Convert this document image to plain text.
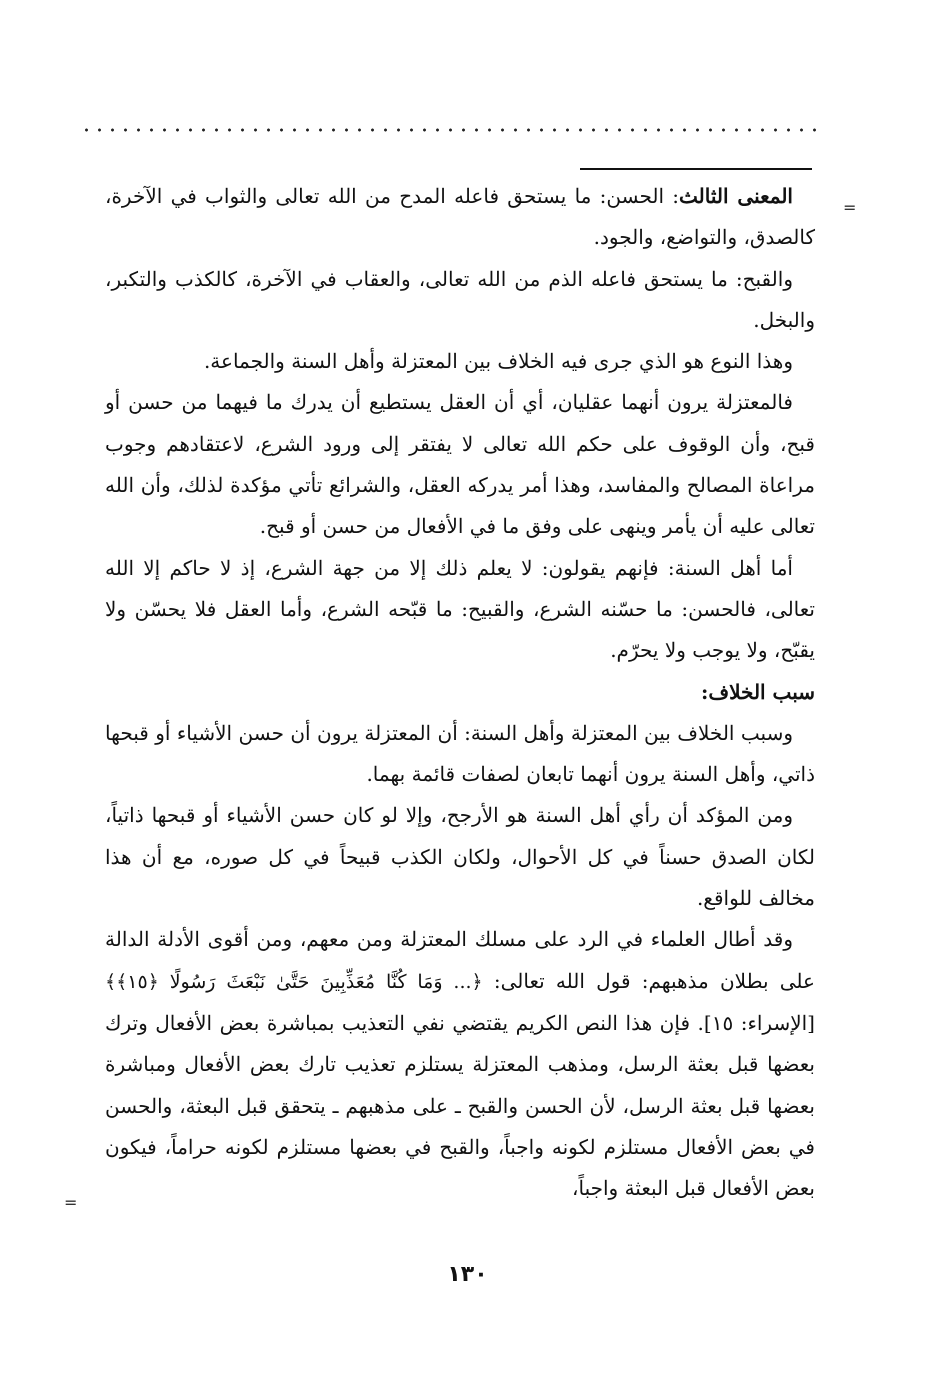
=

المعنى الثالث: الحسن: ما يستحق فاعله المدح من الله تعالى والثواب في الآخرة، كالصدق، والتواضع، والجود.

والقبح: ما يستحق فاعله الذم من الله تعالى، والعقاب في الآخرة، كالكذب والتكبر، والبخل.

وهذا النوع هو الذي جرى فيه الخلاف بين المعتزلة وأهل السنة والجماعة.

فالمعتزلة يرون أنهما عقليان، أي أن العقل يستطيع أن يدرك ما فيهما من حسن أو قبح، وأن الوقوف على حكم الله تعالى لا يفتقر إلى ورود الشرع، لاعتقادهم وجوب مراعاة المصالح والمفاسد، وهذا أمر يدركه العقل، والشرائع تأتي مؤكدة لذلك، وأن الله تعالى عليه أن يأمر وينهى على وفق ما في الأفعال من حسن أو قبح.

أما أهل السنة: فإنهم يقولون: لا يعلم ذلك إلا من جهة الشرع، إذ لا حاكم إلا الله تعالى، فالحسن: ما حسّنه الشرع، والقبيح: ما قبّحه الشرع، وأما العقل فلا يحسّن ولا يقبّح، ولا يوجب ولا يحرّم.

سبب الخلاف:

وسبب الخلاف بين المعتزلة وأهل السنة: أن المعتزلة يرون أن حسن الأشياء أو قبحها ذاتي، وأهل السنة يرون أنهما تابعان لصفات قائمة بهما.

ومن المؤكد أن رأي أهل السنة هو الأرجح، وإلا لو كان حسن الأشياء أو قبحها ذاتياً، لكان الصدق حسناً في كل الأحوال، ولكان الكذب قبيحاً في كل صوره، مع أن هذا مخالف للواقع.

وقد أطال العلماء في الرد على مسلك المعتزلة ومن معهم، ومن أقوى الأدلة الدالة على بطلان مذهبهم: قول الله تعالى: ﴿... وَمَا كُنَّا مُعَذِّبِينَ حَتَّىٰ نَبْعَثَ رَسُولًا ﴿١٥﴾﴾ [الإسراء: ١٥]. فإن هذا النص الكريم يقتضي نفي التعذيب بمباشرة بعض الأفعال وترك بعضها قبل بعثة الرسل، ومذهب المعتزلة يستلزم تعذيب تارك بعض الأفعال ومباشرة بعضها قبل بعثة الرسل، لأن الحسن والقبح ـ على مذهبهم ـ يتحقق قبل البعثة، والحسن في بعض الأفعال مستلزم لكونه واجباً، والقبح في بعضها مستلزم لكونه حراماً، فيكون بعض الأفعال قبل البعثة واجباً،

=
١٣٠
